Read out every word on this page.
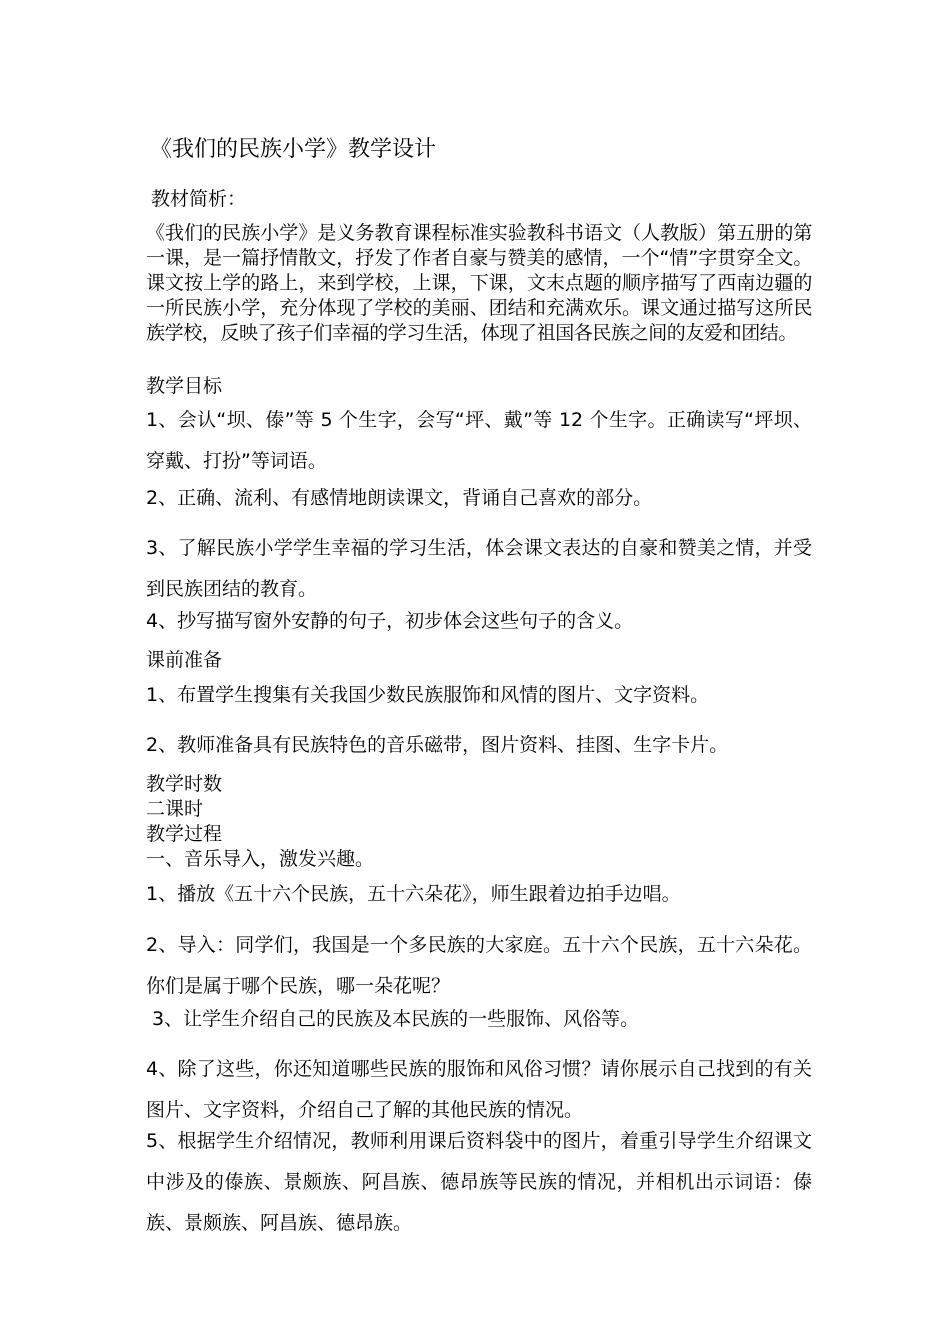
《我们的民族小学》教学设计
教材简析：
《我们的民族小学》是义务教育课程标准实验教科书语文（人教版）第五册的第一课，是一篇抒情散文，抒发了作者自豪与赞美的感情，一个“情”字贯穿全文。课文按上学的路上，来到学校，上课，下课，文末点题的顺序描写了西南边疆的一所民族小学，充分体现了学校的美丽、团结和充满欢乐。课文通过描写这所民族学校，反映了孩子们幸福的学习生活，体现了祖国各民族之间的友爱和团结。
教学目标
1、会认“坝、傣”等 5 个生字，会写“坪、戴”等 12 个生字。正确读写“坪坝、穿戴、打扮”等词语。
2、正确、流利、有感情地朗读课文，背诵自己喜欢的部分。
3、了解民族小学学生幸福的学习生活，体会课文表达的自豪和赞美之情，并受到民族团结的教育。
4、抄写描写窗外安静的句子，初步体会这些句子的含义。
课前准备
1、布置学生搜集有关我国少数民族服饰和风情的图片、文字资料。
2、教师准备具有民族特色的音乐磁带，图片资料、挂图、生字卡片。
教学时数
二课时
教学过程
一、音乐导入，激发兴趣。
1、播放《五十六个民族，五十六朵花》，师生跟着边拍手边唱。
2、导入：同学们，我国是一个多民族的大家庭。五十六个民族，五十六朵花。你们是属于哪个民族，哪一朵花呢？
3、让学生介绍自己的民族及本民族的一些服饰、风俗等。
4、除了这些，你还知道哪些民族的服饰和风俗习惯？请你展示自己找到的有关图片、文字资料，介绍自己了解的其他民族的情况。
5、根据学生介绍情况，教师利用课后资料袋中的图片，着重引导学生介绍课文中涉及的傣族、景颇族、阿昌族、德昂族等民族的情况，并相机出示词语：傣族、景颇族、阿昌族、德昂族。
